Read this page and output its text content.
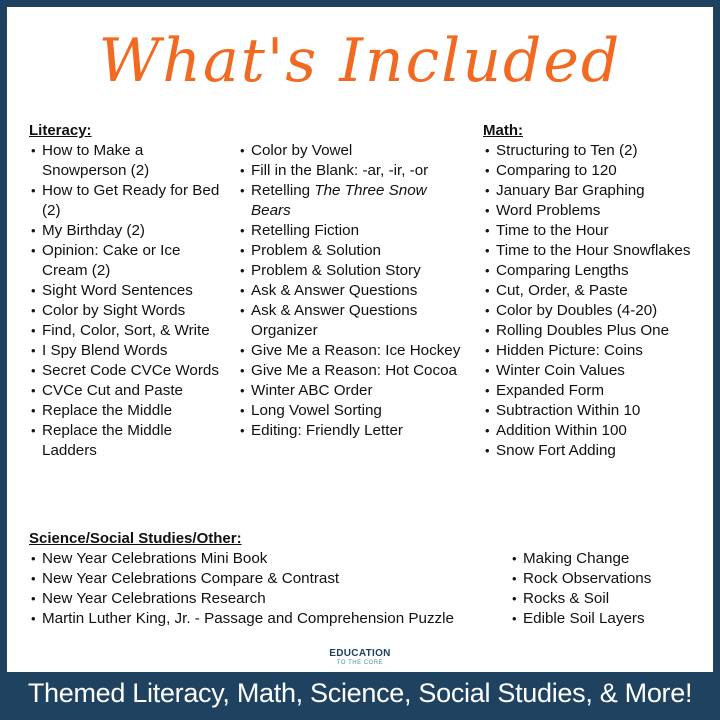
What's Included
Literacy:
• How to Make a Snowperson (2)
• How to Get Ready for Bed (2)
• My Birthday (2)
• Opinion: Cake or Ice Cream (2)
• Sight Word Sentences
• Color by Sight Words
• Find, Color, Sort, & Write
• I Spy Blend Words
• Secret Code CVCe Words
• CVCe Cut and Paste
• Replace the Middle
• Replace the Middle Ladders
• Color by Vowel
• Fill in the Blank: -ar, -ir, -or
• Retelling The Three Snow Bears
• Retelling Fiction
• Problem & Solution
• Problem & Solution Story
• Ask & Answer Questions
• Ask & Answer Questions Organizer
• Give Me a Reason: Ice Hockey
• Give Me a Reason: Hot Cocoa
• Winter ABC Order
• Long Vowel Sorting
• Editing: Friendly Letter
Math:
• Structuring to Ten (2)
• Comparing to 120
• January Bar Graphing
• Word Problems
• Time to the Hour
• Time to the Hour Snowflakes
• Comparing Lengths
• Cut, Order, & Paste
• Color by Doubles (4-20)
• Rolling Doubles Plus One
• Hidden Picture: Coins
• Winter Coin Values
• Expanded Form
• Subtraction Within 10
• Addition Within 100
• Snow Fort Adding
Science/Social Studies/Other:
• New Year Celebrations Mini Book
• New Year Celebrations Compare & Contrast
• New Year Celebrations Research
• Martin Luther King, Jr. - Passage and Comprehension Puzzle
• Making Change
• Rock Observations
• Rocks & Soil
• Edible Soil Layers
EDUCATION
TO THE CORE
Themed Literacy, Math, Science, Social Studies, & More!
